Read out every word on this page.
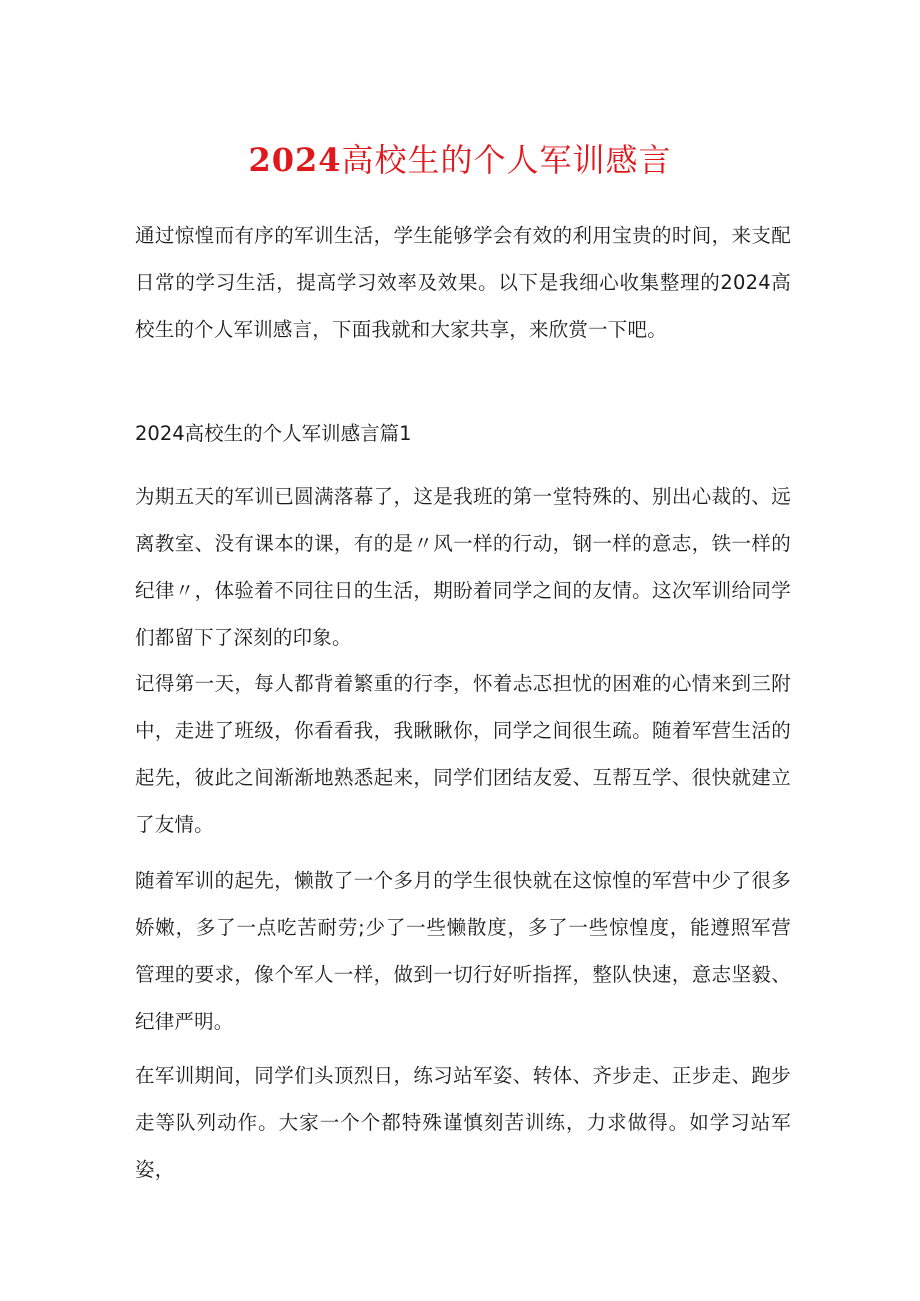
2024高校生的个人军训感言

通过惊惶而有序的军训生活，学生能够学会有效的利用宝贵的时间，来支配日常的学习生活，提高学习效率及效果。以下是我细心收集整理的2024高校生的个人军训感言，下面我就和大家共享，来欣赏一下吧。

2024高校生的个人军训感言篇1

为期五天的军训已圆满落幕了，这是我班的第一堂特殊的、别出心裁的、远离教室、没有课本的课，有的是〃风一样的行动，钢一样的意志，铁一样的纪律〃，体验着不同往日的生活，期盼着同学之间的友情。这次军训给同学们都留下了深刻的印象。

记得第一天，每人都背着繁重的行李，怀着忐忑担忧的困难的心情来到三附中，走进了班级，你看看我，我瞅瞅你，同学之间很生疏。随着军营生活的起先，彼此之间渐渐地熟悉起来，同学们团结友爱、互帮互学、很快就建立了友情。

随着军训的起先，懒散了一个多月的学生很快就在这惊惶的军营中少了很多娇嫩，多了一点吃苦耐劳;少了一些懒散度，多了一些惊惶度，能遵照军营管理的要求，像个军人一样，做到一切行好听指挥，整队快速，意志坚毅、纪律严明。

在军训期间，同学们头顶烈日，练习站军姿、转体、齐步走、正步走、跑步走等队列动作。大家一个个都特殊谨慎刻苦训练，力求做得。如学习站军姿，
